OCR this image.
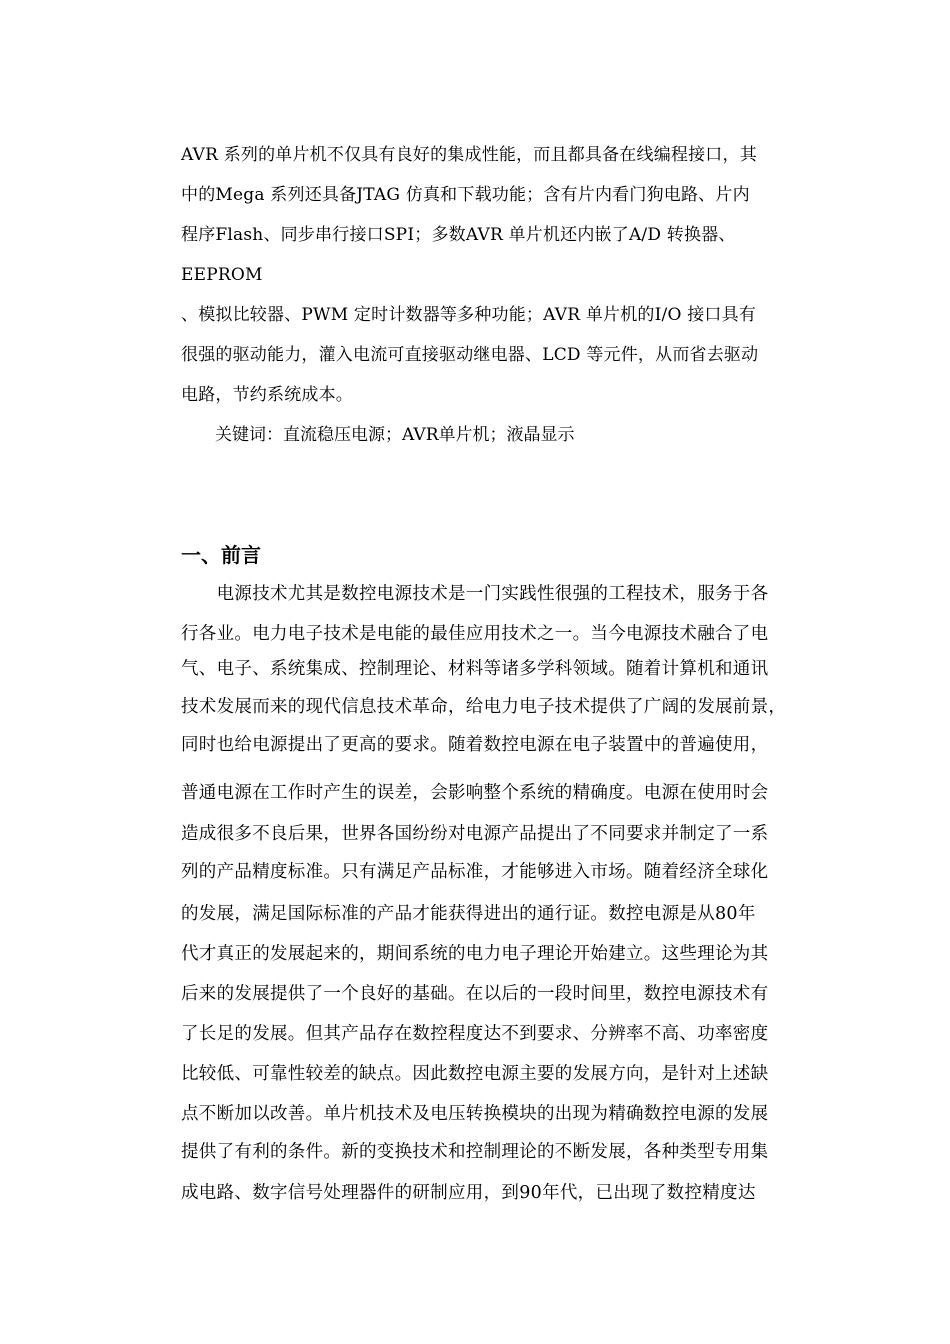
AVR 系列的单片机不仅具有良好的集成性能，而且都具备在线编程接口，其
中的Mega 系列还具备JTAG 仿真和下载功能；含有片内看门狗电路、片内
程序Flash、同步串行接口SPI；多数AVR 单片机还内嵌了A/D 转换器、
EEPROM
、模拟比较器、PWM 定时计数器等多种功能；AVR 单片机的I/O 接口具有
很强的驱动能力，灌入电流可直接驱动继电器、LCD 等元件，从而省去驱动
电路，节约系统成本。
关键词：直流稳压电源；AVR单片机；液晶显示
一、前言
　　电源技术尤其是数控电源技术是一门实践性很强的工程技术，服务于各
行各业。电力电子技术是电能的最佳应用技术之一。当今电源技术融合了电
气、电子、系统集成、控制理论、材料等诸多学科领域。随着计算机和通讯
技术发展而来的现代信息技术革命，给电力电子技术提供了广阔的发展前景，
同时也给电源提出了更高的要求。随着数控电源在电子装置中的普遍使用，
普通电源在工作时产生的误差，会影响整个系统的精确度。电源在使用时会
造成很多不良后果，世界各国纷纷对电源产品提出了不同要求并制定了一系
列的产品精度标准。只有满足产品标准，才能够进入市场。随着经济全球化
的发展，满足国际标准的产品才能获得进出的通行证。数控电源是从80年
代才真正的发展起来的，期间系统的电力电子理论开始建立。这些理论为其
后来的发展提供了一个良好的基础。在以后的一段时间里，数控电源技术有
了长足的发展。但其产品存在数控程度达不到要求、分辨率不高、功率密度
比较低、可靠性较差的缺点。因此数控电源主要的发展方向，是针对上述缺
点不断加以改善。单片机技术及电压转换模块的出现为精确数控电源的发展
提供了有利的条件。新的变换技术和控制理论的不断发展，各种类型专用集
成电路、数字信号处理器件的研制应用，到90年代，已出现了数控精度达
